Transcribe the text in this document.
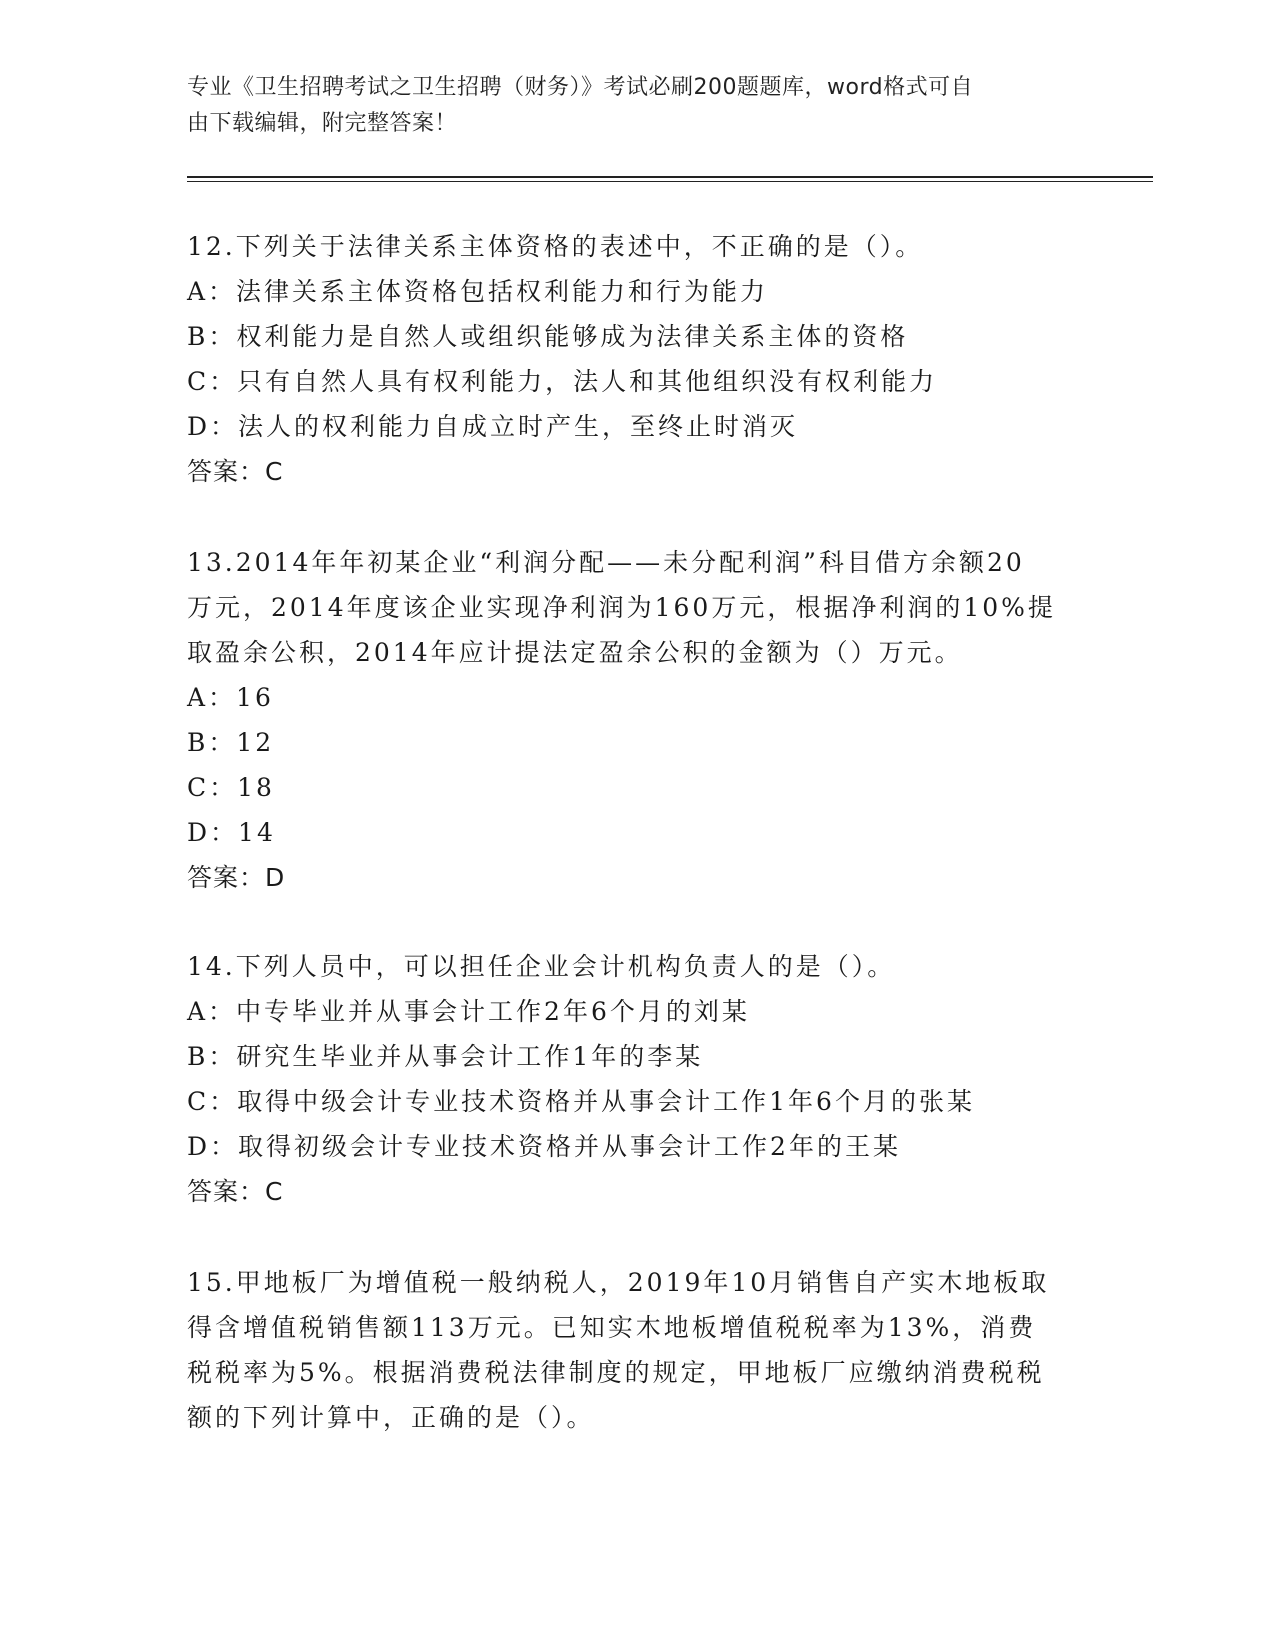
专业《卫生招聘考试之卫生招聘（财务）》考试必刷200题题库，word格式可自
由下载编辑，附完整答案！
12.下列关于法律关系主体资格的表述中，不正确的是（）。
A：法律关系主体资格包括权利能力和行为能力
B：权利能力是自然人或组织能够成为法律关系主体的资格
C：只有自然人具有权利能力，法人和其他组织没有权利能力
D：法人的权利能力自成立时产生，至终止时消灭
答案：C
13.2014年年初某企业“利润分配——未分配利润”科目借方余额20
万元，2014年度该企业实现净利润为160万元，根据净利润的10%提
取盈余公积，2014年应计提法定盈余公积的金额为（）万元。
A：16
B：12
C：18
D：14
答案：D
14.下列人员中，可以担任企业会计机构负责人的是（）。
A：中专毕业并从事会计工作2年6个月的刘某
B：研究生毕业并从事会计工作1年的李某
C：取得中级会计专业技术资格并从事会计工作1年6个月的张某
D：取得初级会计专业技术资格并从事会计工作2年的王某
答案：C
15.甲地板厂为增值税一般纳税人，2019年10月销售自产实木地板取
得含增值税销售额113万元。已知实木地板增值税税率为13%，消费
税税率为5%。根据消费税法律制度的规定，甲地板厂应缴纳消费税税
额的下列计算中，正确的是（）。
